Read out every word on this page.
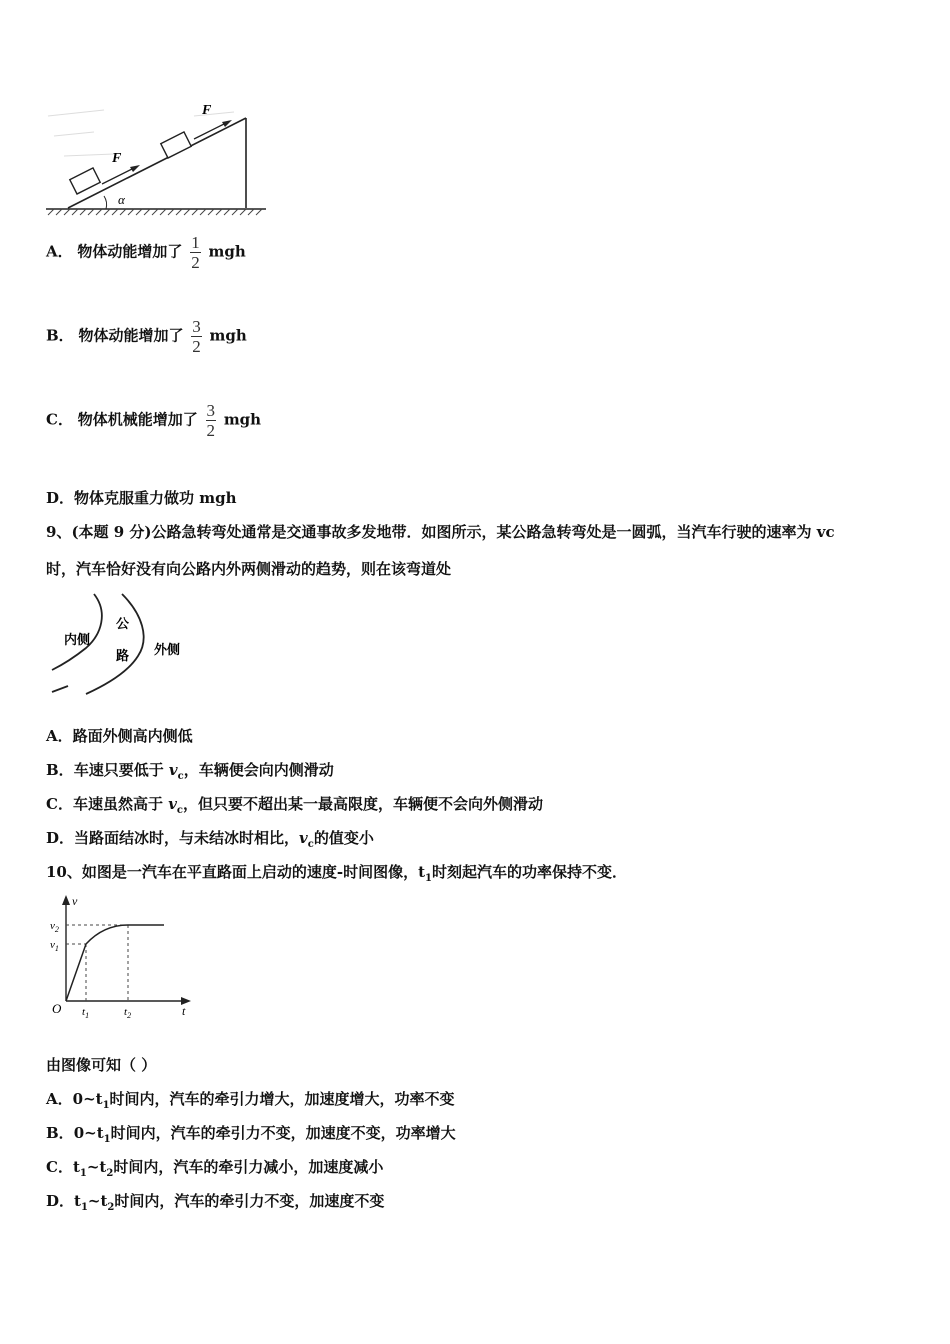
F
F
α
A． 物体动能增加了 $\frac{1}{2}$ mgh
B． 物体动能增加了 $\frac{3}{2}$ mgh
C． 物体机械能增加了 $\frac{3}{2}$ mgh
D．物体克服重力做功 mgh
9、(本题 9 分)公路急转弯处通常是交通事故多发地带．如图所示，某公路急转弯处是一圆弧，当汽车行驶的速率为 vc
时，汽车恰好没有向公路内外两侧滑动的趋势，则在该弯道处
内侧
公
路 外侧
A．路面外侧高内侧低
B．车速只要低于 $v_c$，车辆便会向内侧滑动
C．车速虽然高于 $v_c$，但只要不超出某一最高限度，车辆便不会向外侧滑动
D．当路面结冰时，与未结冰时相比，$v_c$的值变小
10、如图是一汽车在平直路面上启动的速度-时间图像，$t_1$时刻起汽车的功率保持不变．
v
$v_2$
$v_1$
O $t_1$	$t_2$	t
由图像可知（ ）
A．$0\sim t_1$时间内，汽车的牵引力增大，加速度增大，功率不变
B．$0\sim t_1$时间内，汽车的牵引力不变，加速度不变，功率增大
C．$t_1\sim t_2$时间内，汽车的牵引力减小，加速度减小
D．$t_1\sim t_2$时间内，汽车的牵引力不变，加速度不变
